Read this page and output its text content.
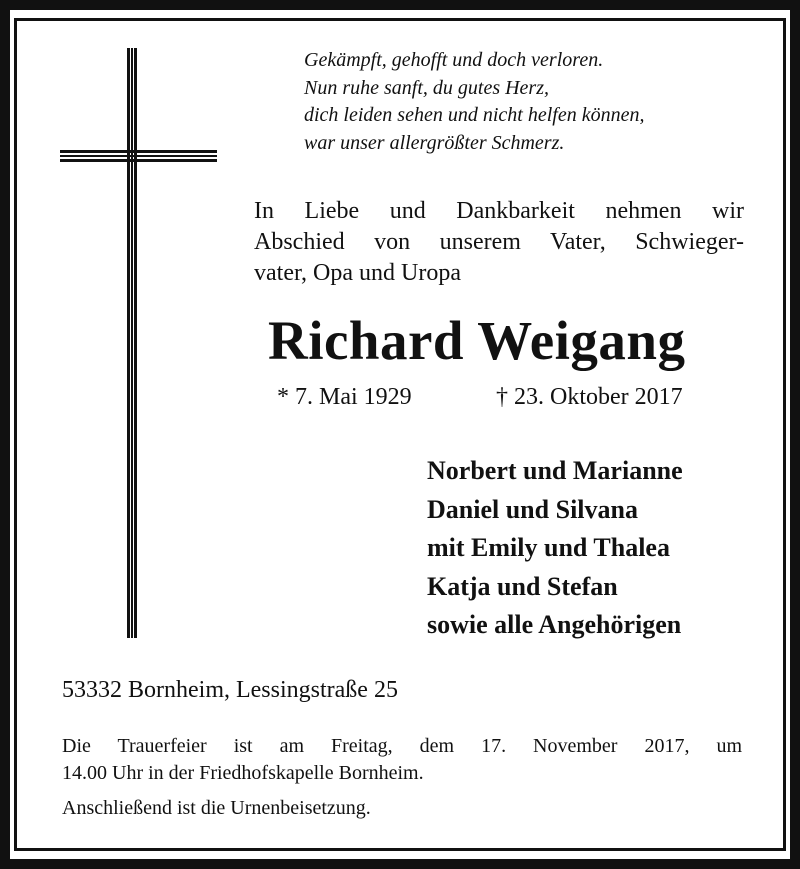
Gekämpft, gehofft und doch verloren.
Nun ruhe sanft, du gutes Herz,
dich leiden sehen und nicht helfen können,
war unser allergrößter Schmerz.
In Liebe und Dankbarkeit nehmen wir
Abschied von unserem Vater, Schwieger-
vater, Opa und Uropa
Richard Weigang
* 7. Mai 1929	† 23. Oktober 2017
Norbert und Marianne
Daniel und Silvana
mit Emily und Thalea
Katja und Stefan
sowie alle Angehörigen
53332 Bornheim, Lessingstraße 25
Die Trauerfeier ist am Freitag, dem 17. November 2017, um
14.00 Uhr in der Friedhofskapelle Bornheim.
Anschließend ist die Urnenbeisetzung.
